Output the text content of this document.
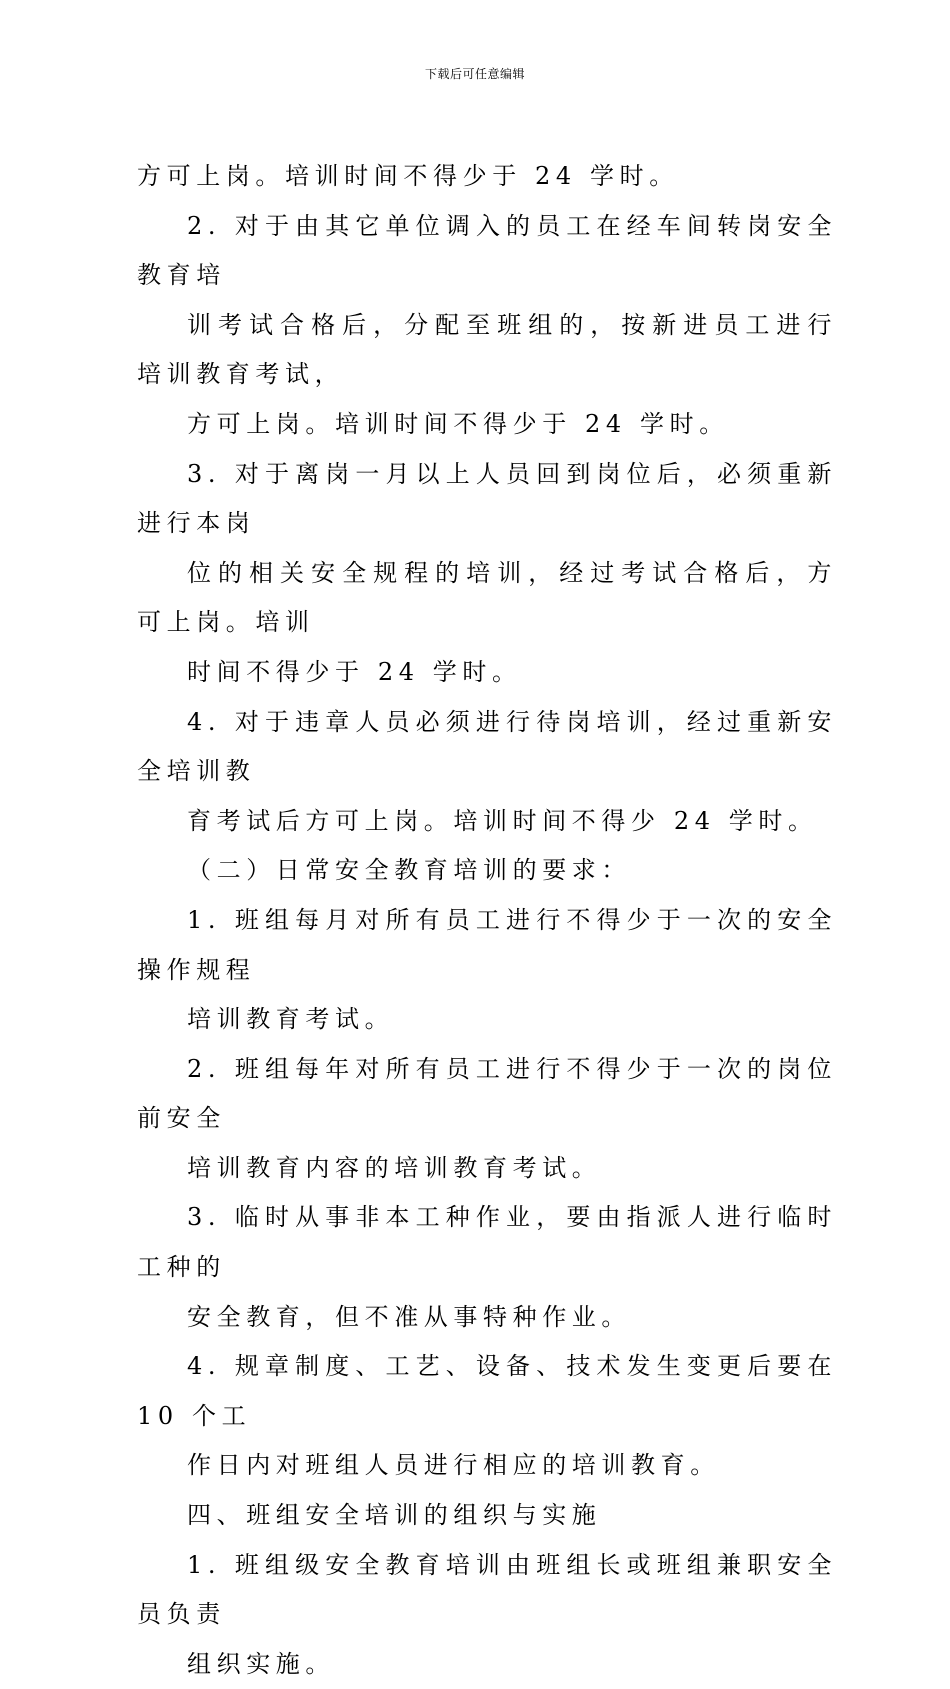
下载后可任意编辑

方可上岗。培训时间不得少于 24 学时。

2. 对于由其它单位调入的员工在经车间转岗安全教育培
训考试合格后，分配至班组的，按新进员工进行培训教育考试，
方可上岗。培训时间不得少于 24 学时。

3. 对于离岗一月以上人员回到岗位后，必须重新进行本岗
位的相关安全规程的培训，经过考试合格后，方可上岗。培训
时间不得少于 24 学时。

4. 对于违章人员必须进行待岗培训，经过重新安全培训教
育考试后方可上岗。培训时间不得少 24 学时。

（二）日常安全教育培训的要求：

1. 班组每月对所有员工进行不得少于一次的安全操作规程
培训教育考试。

2. 班组每年对所有员工进行不得少于一次的岗位前安全
培训教育内容的培训教育考试。

3. 临时从事非本工种作业，要由指派人进行临时工种的
安全教育，但不准从事特种作业。

4. 规章制度、工艺、设备、技术发生变更后要在 10 个工
作日内对班组人员进行相应的培训教育。

四、班组安全培训的组织与实施

1. 班组级安全教育培训由班组长或班组兼职安全员负责
组织实施。
